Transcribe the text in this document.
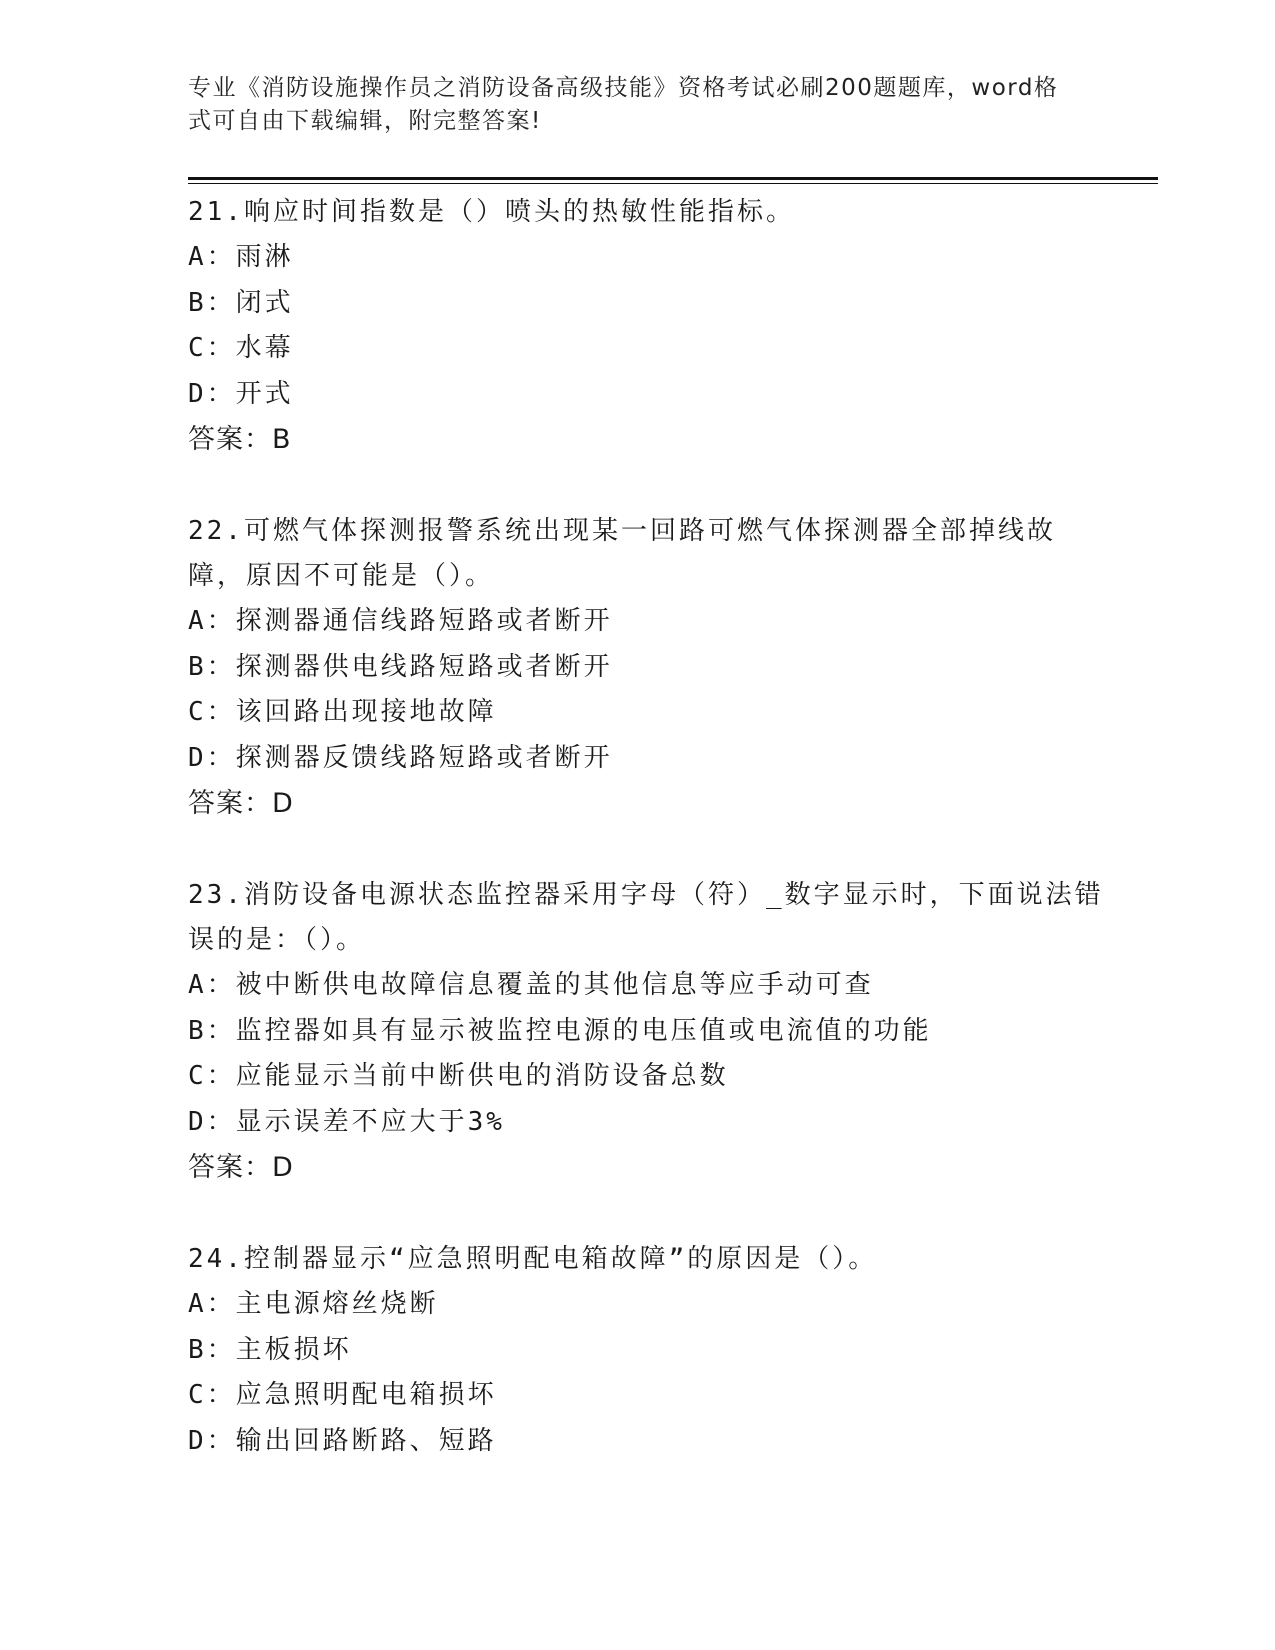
专业《消防设施操作员之消防设备高级技能》资格考试必刷200题题库，word格式可自由下载编辑，附完整答案!
21.响应时间指数是（）喷头的热敏性能指标。
A：雨淋
B：闭式
C：水幕
D：开式
答案：B
22.可燃气体探测报警系统出现某一回路可燃气体探测器全部掉线故障，原因不可能是（）。
A：探测器通信线路短路或者断开
B：探测器供电线路短路或者断开
C：该回路出现接地故障
D：探测器反馈线路短路或者断开
答案：D
23.消防设备电源状态监控器采用字母（符）_数字显示时，下面说法错误的是：（）。
A：被中断供电故障信息覆盖的其他信息等应手动可查
B：监控器如具有显示被监控电源的电压值或电流值的功能
C：应能显示当前中断供电的消防设备总数
D：显示误差不应大于3%
答案：D
24.控制器显示“应急照明配电箱故障”的原因是（）。
A：主电源熔丝烧断
B：主板损坏
C：应急照明配电箱损坏
D：输出回路断路、短路
